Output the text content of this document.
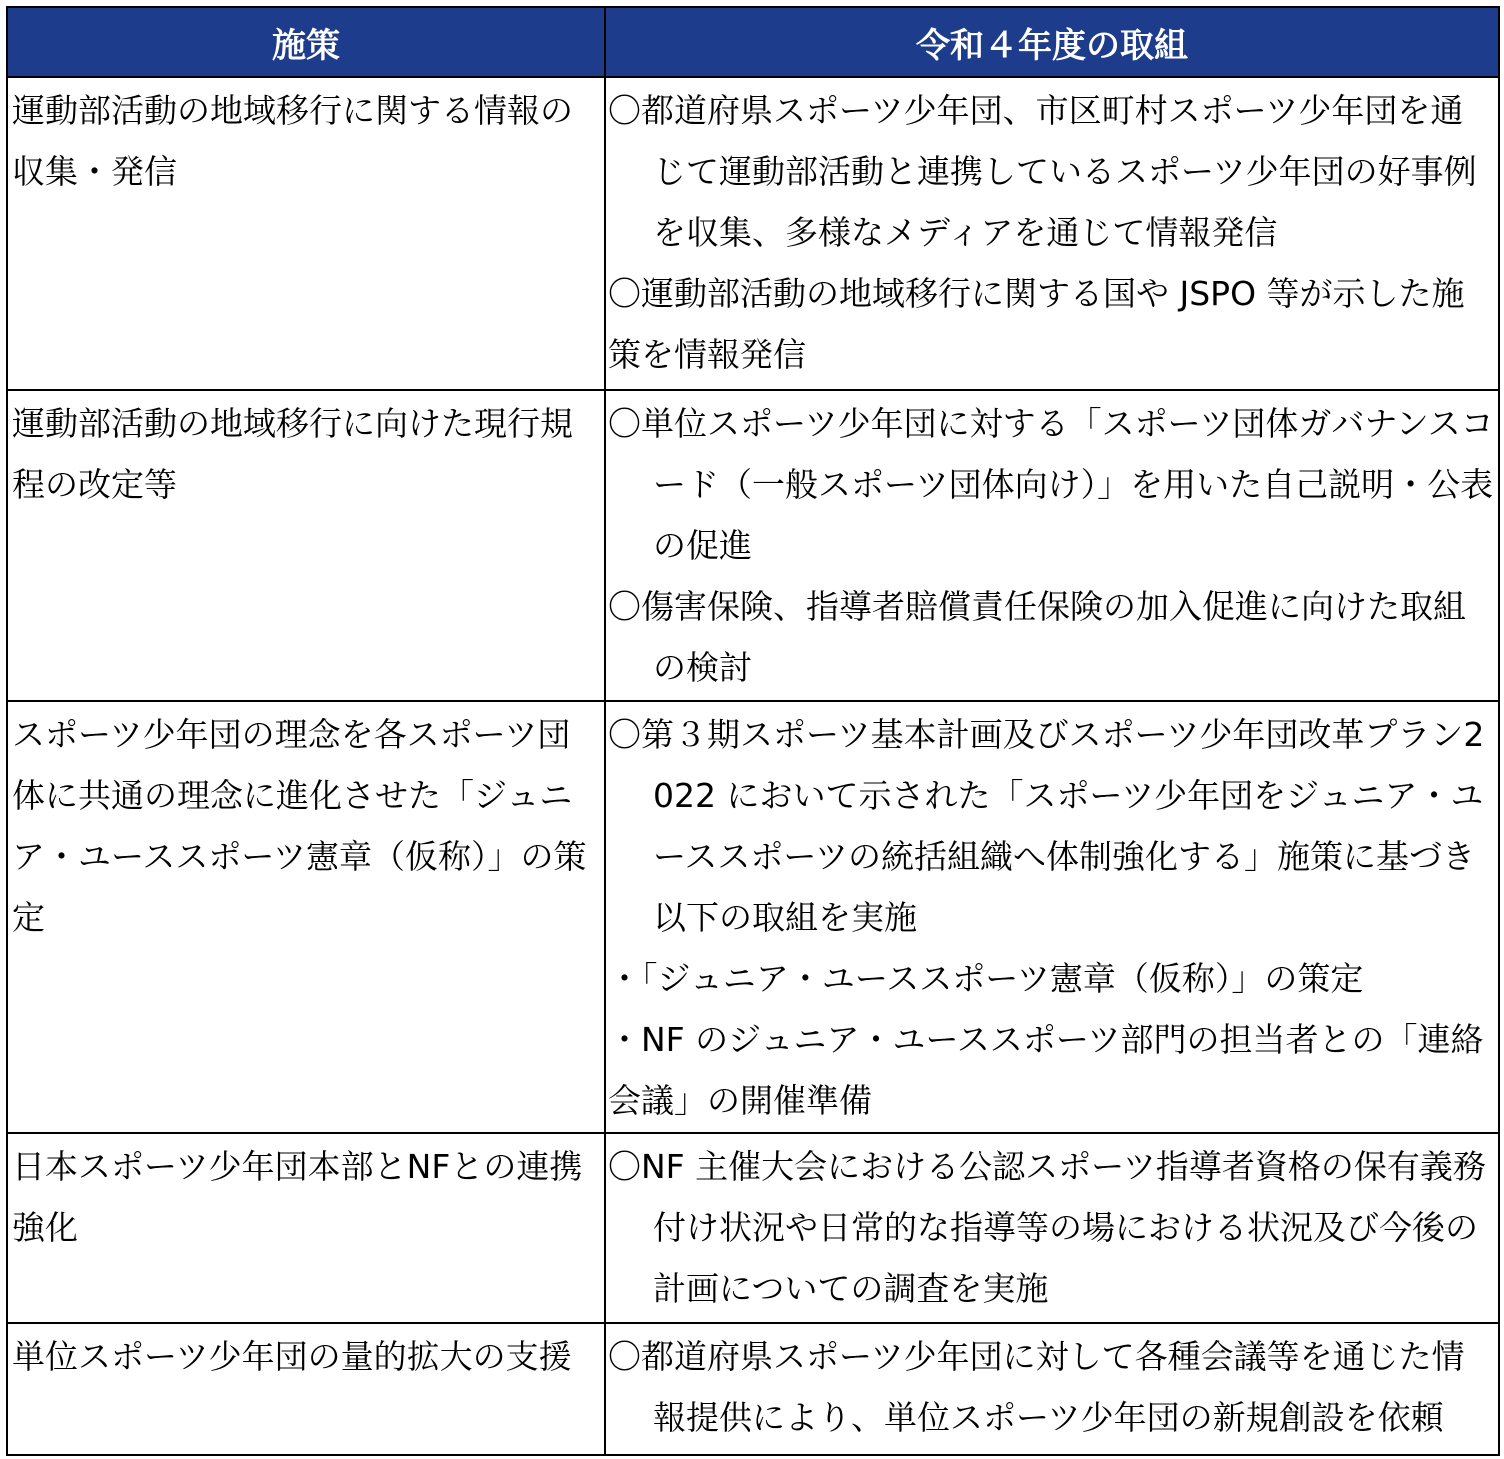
施策	令和４年度の取組
運動部活動の地域移行に関する情報の収集・発信	〇都道府県スポーツ少年団、市区町村スポーツ少年団を通じて運動部活動と連携しているスポーツ少年団の好事例を収集、多様なメディアを通じて情報発信

〇運動部活動の地域移行に関する国や JSPO 等が示した施策を情報発信

運動部活動の地域移行に向けた現行規程の改定等	〇単位スポーツ少年団に対する「スポーツ団体ガバナンスコード（一般スポーツ団体向け）」を用いた自己説明・公表の促進

〇傷害保険、指導者賠償責任保険の加入促進に向けた取組の検討

スポーツ少年団の理念を各スポーツ団体に共通の理念に進化させた「ジュニア・ユーススポーツ憲章（仮称）」の策定	〇第３期スポーツ基本計画及びスポーツ少年団改革プラン2022 において示された「スポーツ少年団をジュニア・ユーススポーツの統括組織へ体制強化する」施策に基づき以下の取組を実施

・「ジュニア・ユーススポーツ憲章（仮称）」の策定

・NF のジュニア・ユーススポーツ部門の担当者との「連絡会議」の開催準備

日本スポーツ少年団本部とNFとの連携強化	〇NF 主催大会における公認スポーツ指導者資格の保有義務付け状況や日常的な指導等の場における状況及び今後の計画についての調査を実施

単位スポーツ少年団の量的拡大の支援	〇都道府県スポーツ少年団に対して各種会議等を通じた情報提供により、単位スポーツ少年団の新規創設を依頼
